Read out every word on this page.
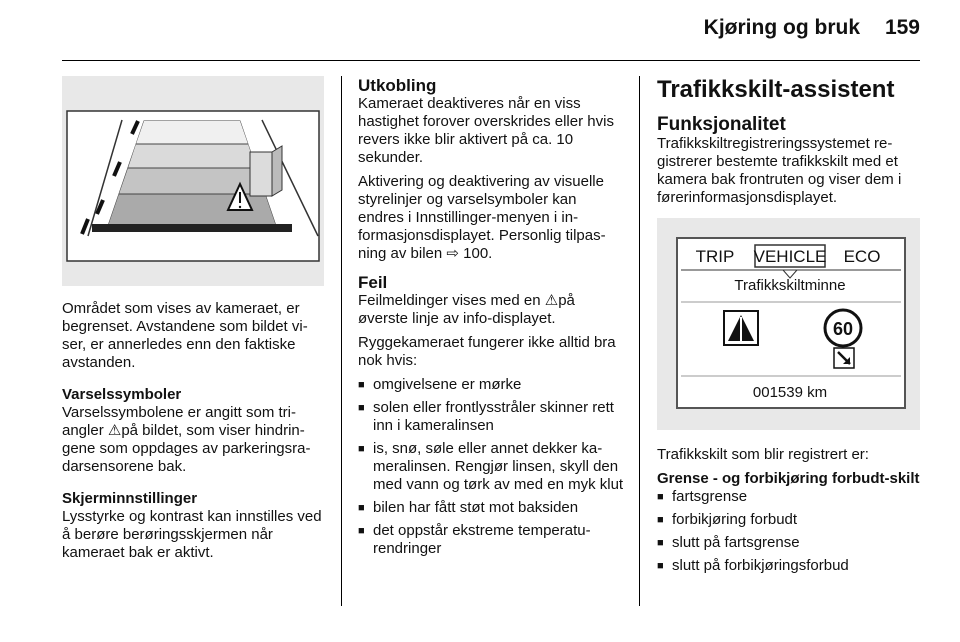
Kjøring og bruk 159

Området som vises av kameraet, er begrenset. Avstandene som bildet vi-ser, er annerledes enn den faktiske avstanden.

Varselssymboler

Varselssymbolene er angitt som tri-angler ⚠på bildet, som viser hindrin-gene som oppdages av parkeringsra-darsensorene bak.

Skjerminnstillinger

Lysstyrke og kontrast kan innstilles ved å berøre berøringsskjermen når kameraet bak er aktivt.

Utkobling

Kameraet deaktiveres når en viss hastighet forover overskrides eller hvis revers ikke blir aktivert på ca. 10 sekunder.

Aktivering og deaktivering av visuelle styrelinjer og varselsymboler kan endres i Innstillinger-menyen i in-formasjonsdisplayet. Personlig tilpas-ning av bilen ⇨ 100.

Feil

Feilmeldinger vises med en ⚠på øverste linje av info-displayet.

Ryggekameraet fungerer ikke alltid bra nok hvis:

■ omgivelsene er mørke
■ solen eller frontlysstråler skinner rett inn i kameralinsen
■ is, snø, søle eller annet dekker ka-meralinsen. Rengjør linsen, skyll den med vann og tørk av med en myk klut
■ bilen har fått støt mot baksiden
■ det oppstår ekstreme temperatu-rendringer
Trafikkskilt-assistent
Funksjonalitet

Trafikkskiltregistreringssystemet re-gistrerer bestemte trafikkskilt med et kamera bak frontruten og viser dem i førerinformasjonsdisplayet.

TRIP VEHICLE ECO
Trafikkskiltminne
60
001539 km

Trafikkskilt som blir registrert er:

Grense - og forbikjøring forbudt-skilt
■ fartsgrense
■ forbikjøring forbudt
■ slutt på fartsgrense
■ slutt på forbikjøringsforbud
